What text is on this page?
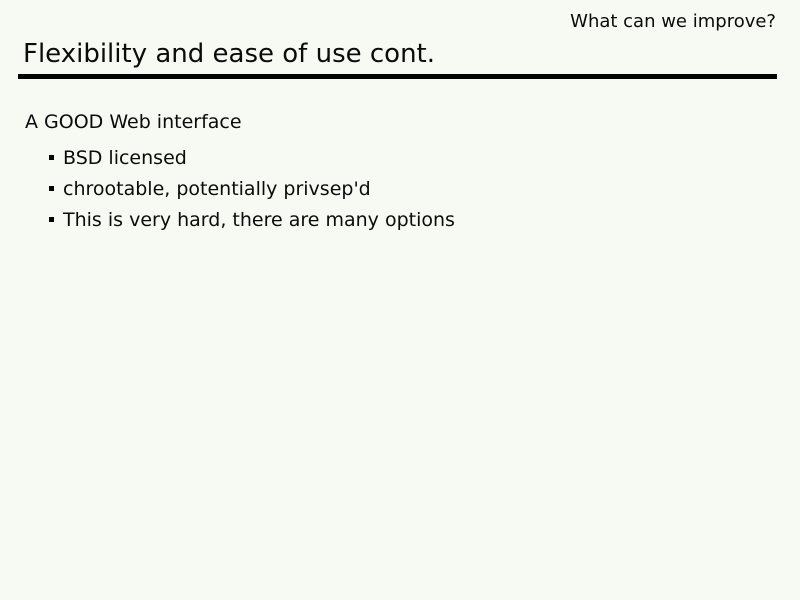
What can we improve?
Flexibility and ease of use cont.
A GOOD Web interface
BSD licensed
chrootable, potentially privsep'd
This is very hard, there are many options
